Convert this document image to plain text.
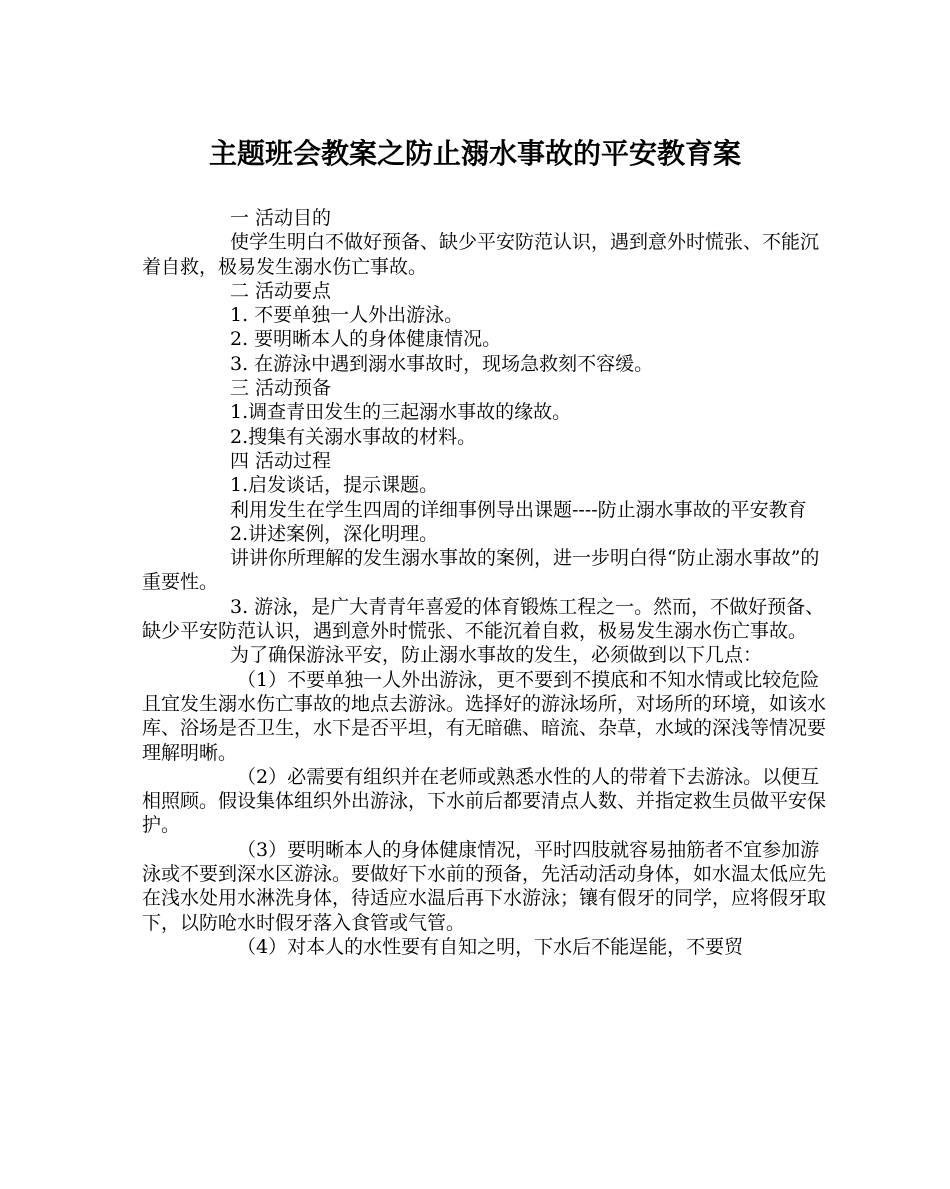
主题班会教案之防止溺水事故的平安教育案

一 活动目的

使学生明白不做好预备、缺少平安防范认识，遇到意外时慌张、不能沉着自救，极易发生溺水伤亡事故。

二 活动要点

1. 不要单独一人外出游泳。

2. 要明晰本人的身体健康情况。

3. 在游泳中遇到溺水事故时，现场急救刻不容缓。

三 活动预备

1.调查青田发生的三起溺水事故的缘故。

2.搜集有关溺水事故的材料。

四 活动过程

1.启发谈话，提示课题。

利用发生在学生四周的详细事例导出课题----防止溺水事故的平安教育

2.讲述案例，深化明理。

讲讲你所理解的发生溺水事故的案例，进一步明白得“防止溺水事故”的重要性。

3. 游泳，是广大青青年喜爱的体育锻炼工程之一。然而，不做好预备、缺少平安防范认识，遇到意外时慌张、不能沉着自救，极易发生溺水伤亡事故。

为了确保游泳平安，防止溺水事故的发生，必须做到以下几点：

（1）不要单独一人外出游泳，更不要到不摸底和不知水情或比较危险且宜发生溺水伤亡事故的地点去游泳。选择好的游泳场所，对场所的环境，如该水库、浴场是否卫生，水下是否平坦，有无暗礁、暗流、杂草，水域的深浅等情况要理解明晰。

（2）必需要有组织并在老师或熟悉水性的人的带着下去游泳。以便互相照顾。假设集体组织外出游泳，下水前后都要清点人数、并指定救生员做平安保护。

（3）要明晰本人的身体健康情况，平时四肢就容易抽筋者不宜参加游泳或不要到深水区游泳。要做好下水前的预备，先活动活动身体，如水温太低应先在浅水处用水淋洗身体，待适应水温后再下水游泳；镶有假牙的同学，应将假牙取下，以防呛水时假牙落入食管或气管。

（4）对本人的水性要有自知之明，下水后不能逞能，不要贸
